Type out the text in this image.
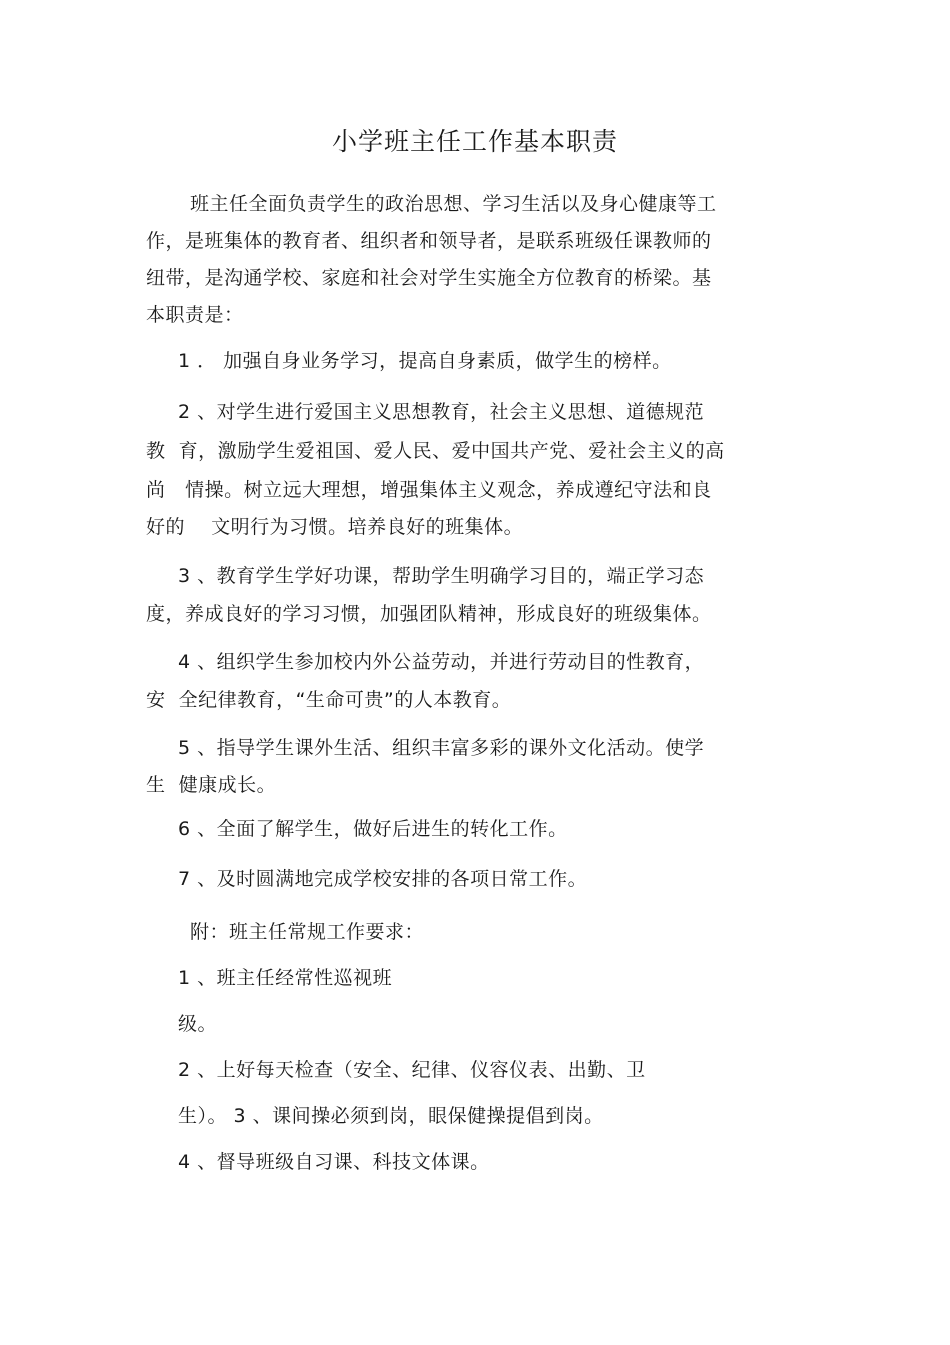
小学班主任工作基本职责
班主任全面负责学生的政治思想、学习生活以及身心健康等工
作，是班集体的教育者、组织者和领导者，是联系班级任课教师的
纽带，是沟通学校、家庭和社会对学生实施全方位教育的桥梁。基
本职责是：
1 ． 加强自身业务学习，提高自身素质，做学生的榜样。
2 、对学生进行爱国主义思想教育，社会主义思想、道德规范
教  育，激励学生爱祖国、爱人民、爱中国共产党、爱社会主义的高
尚   情操。树立远大理想，增强集体主义观念，养成遵纪守法和良
好的    文明行为习惯。培养良好的班集体。
3 、教育学生学好功课，帮助学生明确学习目的，端正学习态
度，养成良好的学习习惯，加强团队精神，形成良好的班级集体。
4 、组织学生参加校内外公益劳动，并进行劳动目的性教育，
安  全纪律教育，“生命可贵”的人本教育。
5 、指导学生课外生活、组织丰富多彩的课外文化活动。使学
生  健康成长。
6 、全面了解学生，做好后进生的转化工作。
7 、及时圆满地完成学校安排的各项日常工作。
附：班主任常规工作要求：
1 、班主任经常性巡视班
级。
2 、上好每天检查（安全、纪律、仪容仪表、出勤、卫
生）。 3 、课间操必须到岗，眼保健操提倡到岗。
4 、督导班级自习课、科技文体课。
